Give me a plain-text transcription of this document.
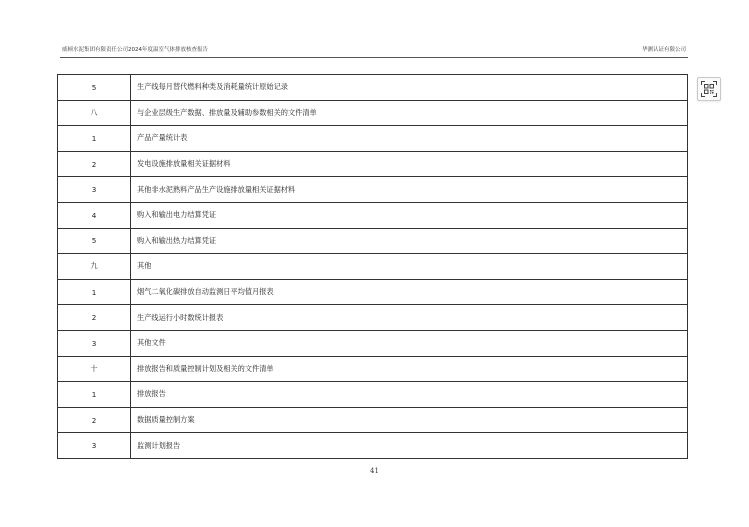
威顿水泥集团有限责任公司2024年度温室气体排放核查报告	华测认证有限公司
5	生产线每月替代燃料种类及消耗量统计原始记录
八	与企业层级生产数据、排放量及辅助参数相关的文件清单
1	产品产量统计表
2	发电设施排放量相关证据材料
3	其他非水泥熟料产品生产设施排放量相关证据材料
4	购入和输出电力结算凭证
5	购入和输出热力结算凭证
九	其他
1	烟气二氧化碳排放自动监测日平均值月报表
2	生产线运行小时数统计报表
3	其他文件
十	排放报告和质量控制计划及相关的文件清单
1	排放报告
2	数据质量控制方案
3	监测计划报告
41
